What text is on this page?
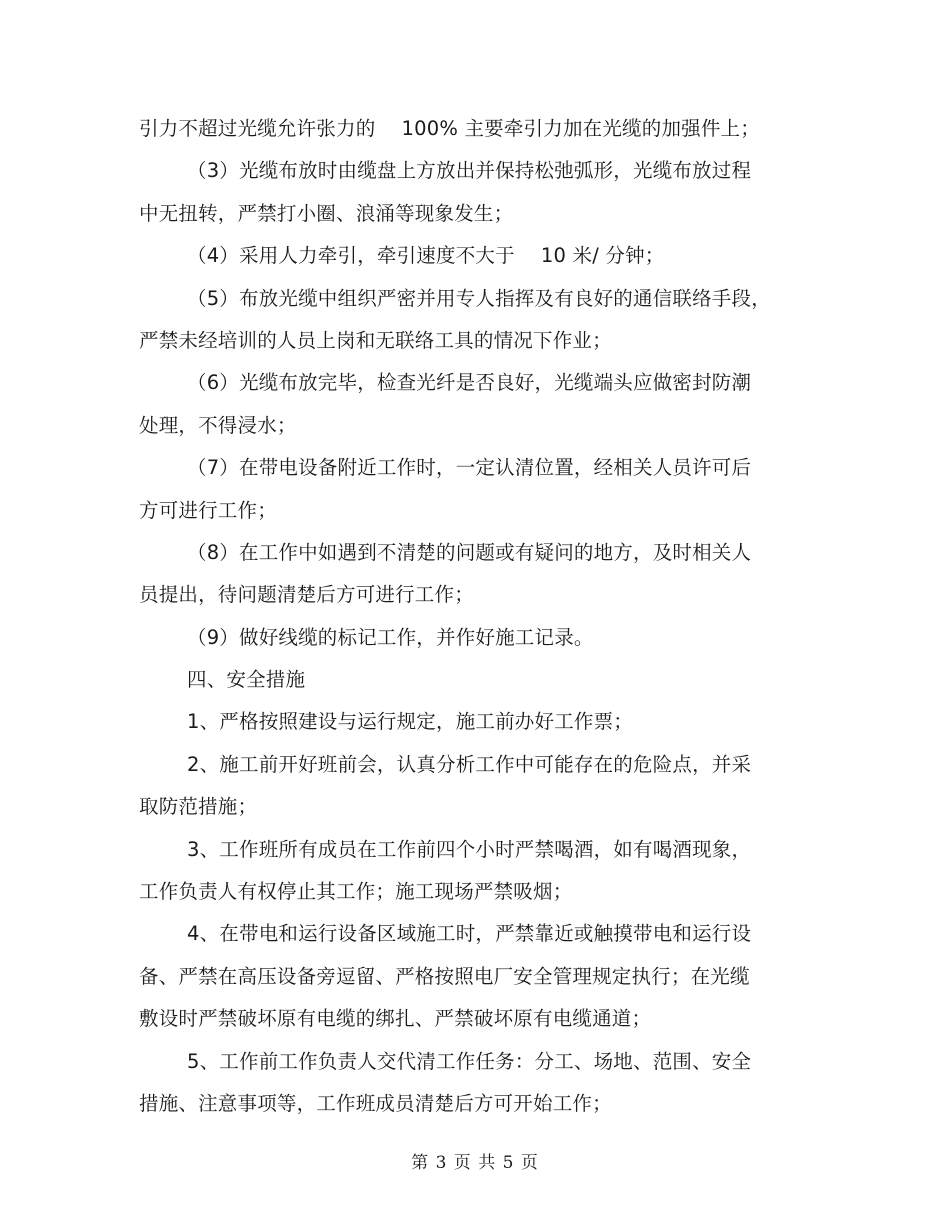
引力不超过光缆允许张力的　 100% 主要牵引力加在光缆的加强件上；
（3）光缆布放时由缆盘上方放出并保持松弛弧形，光缆布放过程
中无扭转，严禁打小圈、浪涌等现象发生；
（4）采用人力牵引，牵引速度不大于　 10 米/ 分钟；
（5）布放光缆中组织严密并用专人指挥及有良好的通信联络手段，
严禁未经培训的人员上岗和无联络工具的情况下作业；
（6）光缆布放完毕，检查光纤是否良好，光缆端头应做密封防潮
处理，不得浸水；
（7）在带电设备附近工作时，一定认清位置，经相关人员许可后
方可进行工作；
（8）在工作中如遇到不清楚的问题或有疑问的地方，及时相关人
员提出，待问题清楚后方可进行工作；
（9）做好线缆的标记工作，并作好施工记录。
四、安全措施
1、严格按照建设与运行规定，施工前办好工作票；
2、施工前开好班前会，认真分析工作中可能存在的危险点，并采
取防范措施；
3、工作班所有成员在工作前四个小时严禁喝酒，如有喝酒现象，
工作负责人有权停止其工作；施工现场严禁吸烟；
4、在带电和运行设备区域施工时，严禁靠近或触摸带电和运行设
备、严禁在高压设备旁逗留、严格按照电厂安全管理规定执行；在光缆
敷设时严禁破坏原有电缆的绑扎、严禁破坏原有电缆通道；
5、工作前工作负责人交代清工作任务：分工、场地、范围、安全
措施、注意事项等，工作班成员清楚后方可开始工作；
第 3 页 共 5 页
